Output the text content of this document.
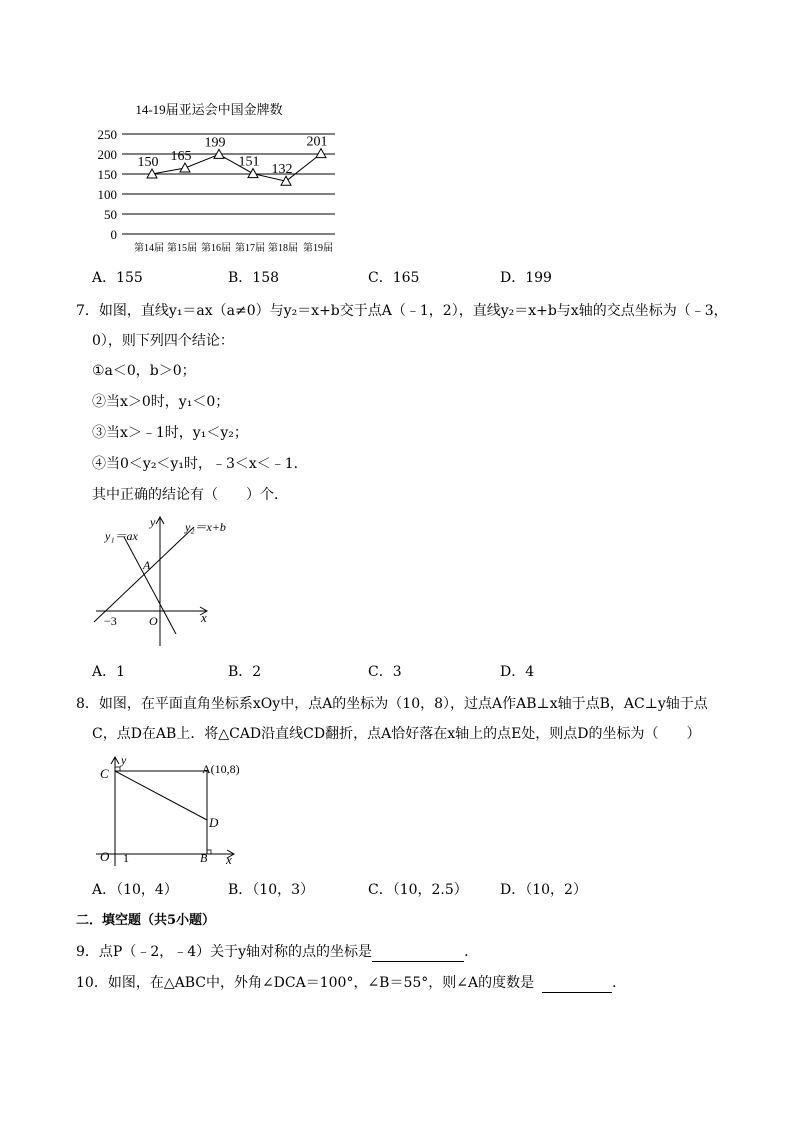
14-19届亚运会中国金牌数
250
200
150
100
50
0
第14届 第15届 第16届 第17届 第18届 第19届
150 165
199
151
132
201
A．155	B．158	C．165	D．199
7．如图，直线y₁＝ax（a≠0）与y₂＝x+b交于点A（﹣1，2），直线y₂＝x+b与x轴的交点坐标为（﹣3，
0），则下列四个结论：
①a＜0，b＞0；
②当x＞0时，y₁＜0；
③当x＞﹣1时，y₁＜y₂；
④当0＜y₂＜y₁时，﹣3＜x＜﹣1．
其中正确的结论有（　　）个．
y₁＝ax
y₂＝x+b
y
x
A
−3	O
A．1	B．2	C．3	D．4
8．如图，在平面直角坐标系xOy中，点A的坐标为（10，8），过点A作AB⊥x轴于点B，AC⊥y轴于点
C，点D在AB上．将△CAD沿直线CD翻折，点A恰好落在x轴上的点E处，则点D的坐标为（　　）
C	A(10,8)
D
O 1	B x
y
A．（10，4）	B．（10，3）	C．（10，2.5） D．（10，2）
二．填空题（共5小题）
9．点P（﹣2，﹣4）关于y轴对称的点的坐标是	．
10．如图，在△ABC中，外角∠DCA＝100°，∠B＝55°，则∠A的度数是	．
